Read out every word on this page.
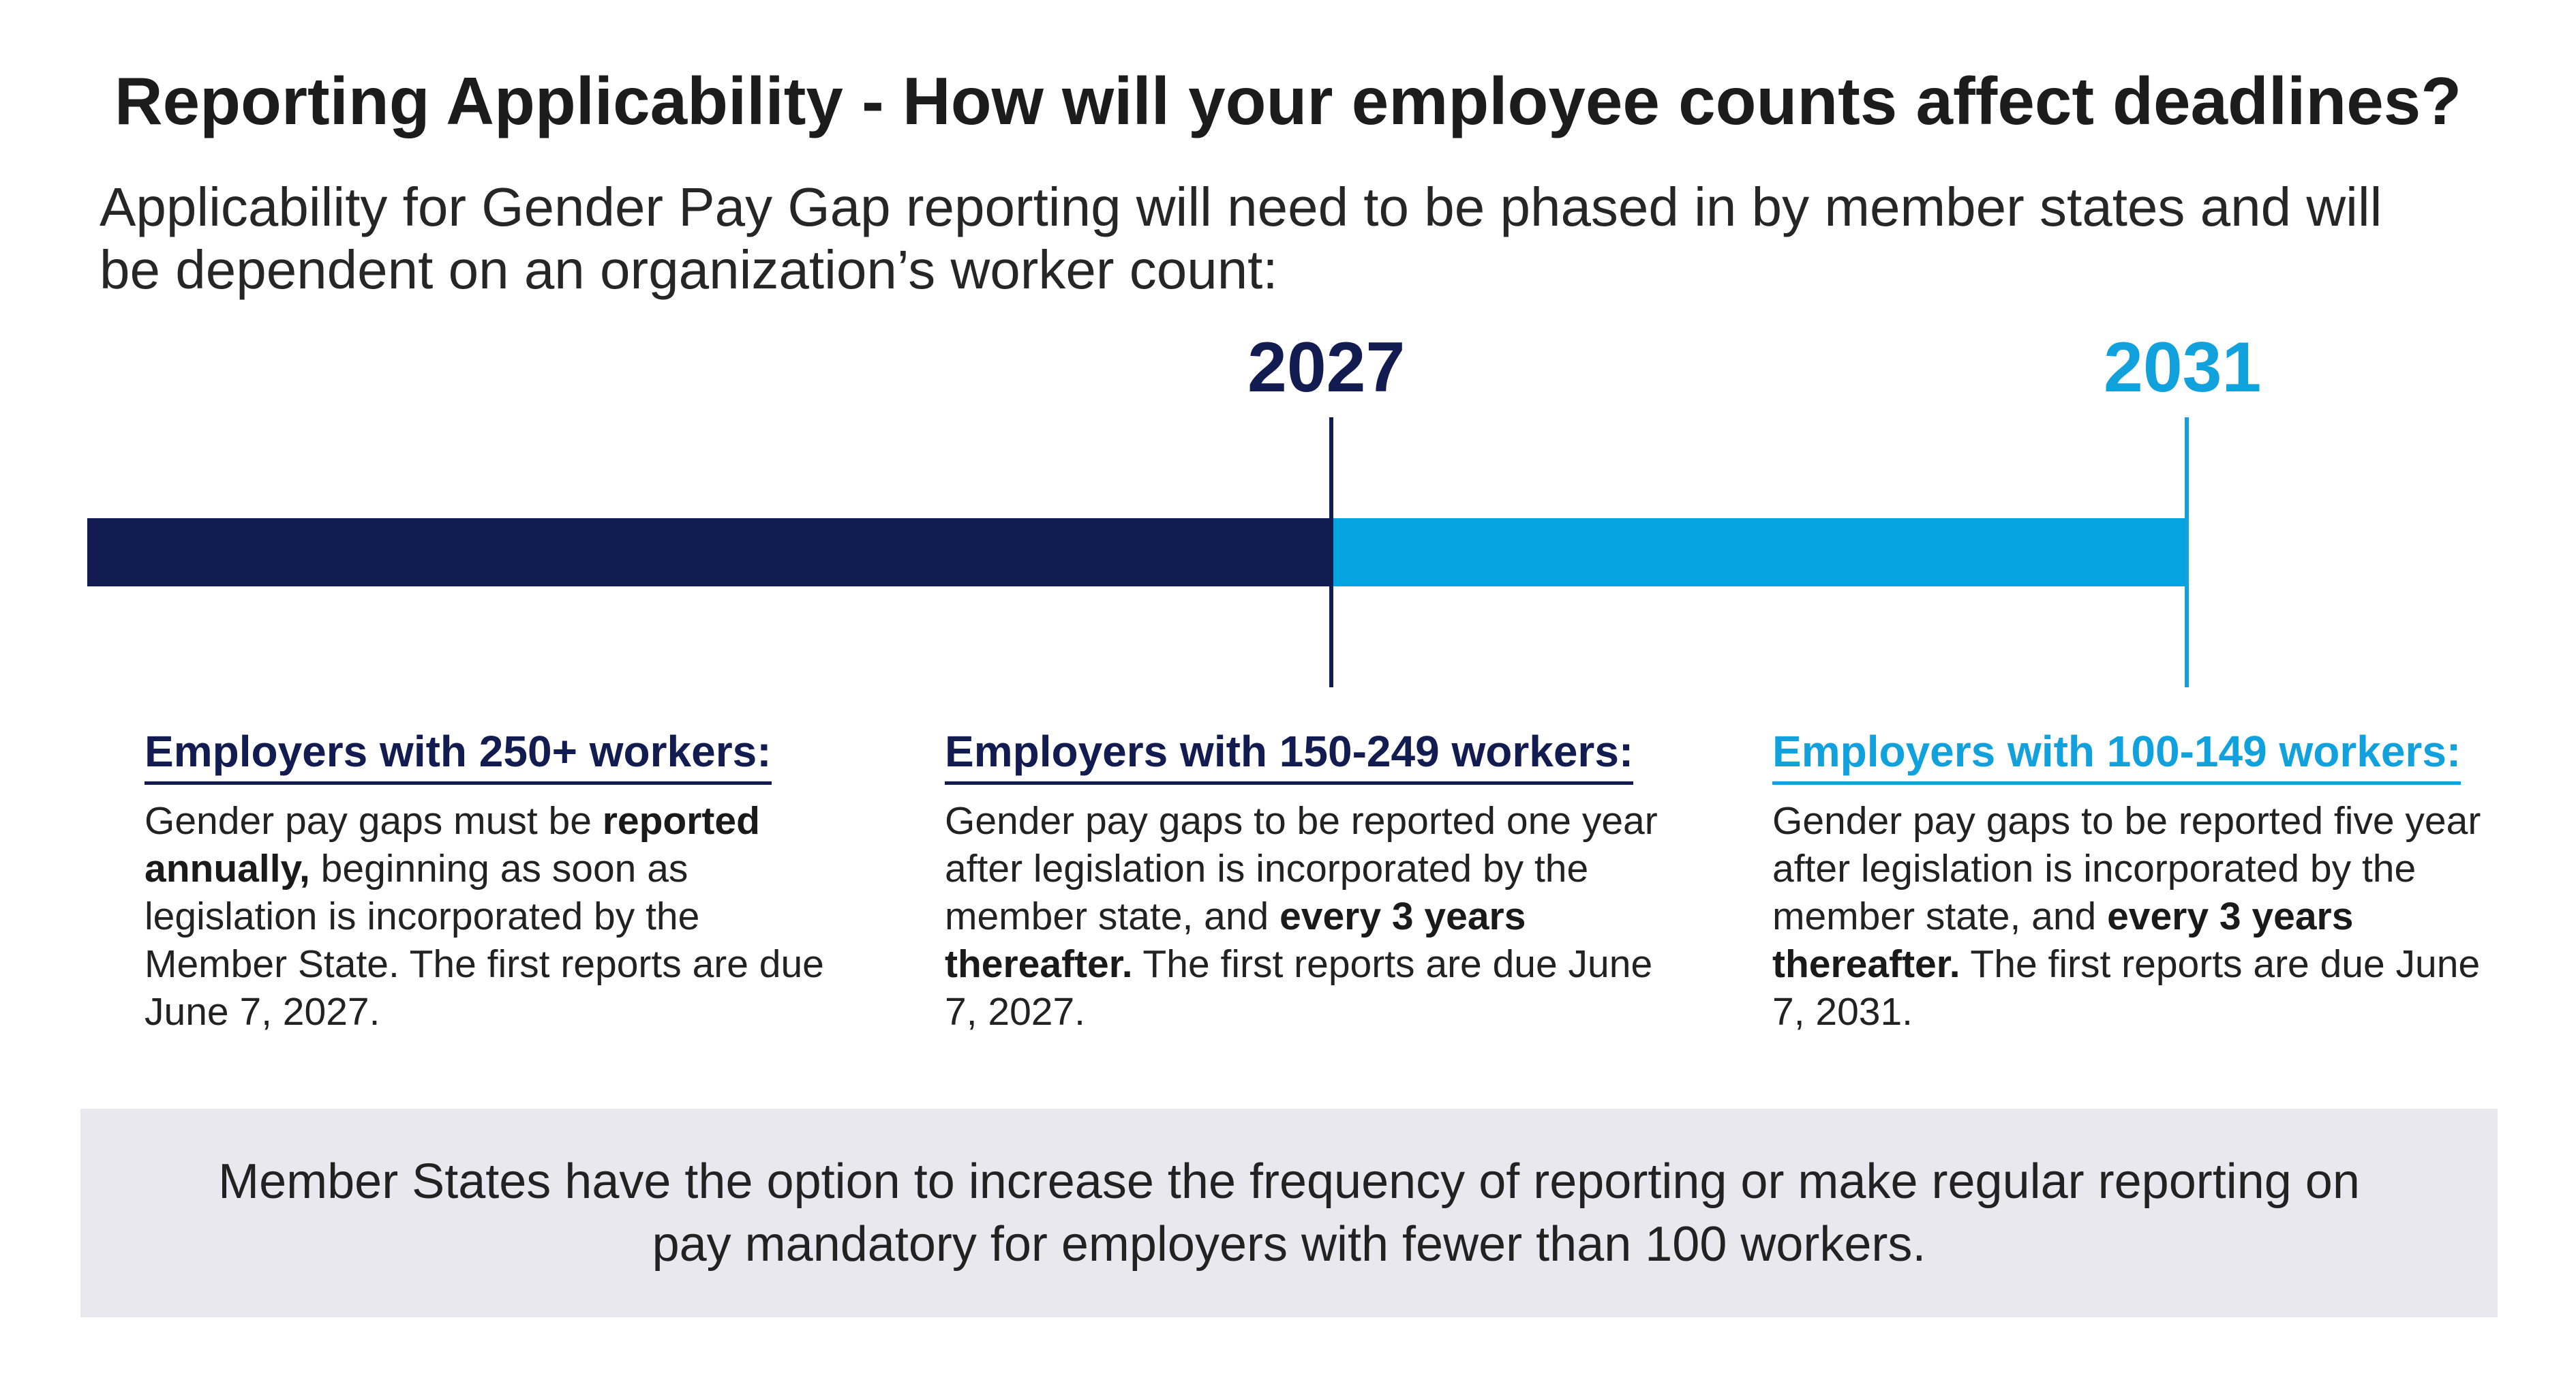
Reporting Applicability - How will your employee counts affect deadlines?
Applicability for Gender Pay Gap reporting will need to be phased in by member states and will be dependent on an organization’s worker count:
2027	2031
Employers with 250+ workers:
Gender pay gaps must be reported annually, beginning as soon as legislation is incorporated by the Member State. The first reports are due June 7, 2027.
Employers with 150-249 workers:
Gender pay gaps to be reported one year after legislation is incorporated by the member state, and every 3 years thereafter. The first reports are due June 7, 2027.
Employers with 100-149 workers:
Gender pay gaps to be reported five year after legislation is incorporated by the member state, and every 3 years thereafter. The first reports are due June 7, 2031.
Member States have the option to increase the frequency of reporting or make regular reporting on pay mandatory for employers with fewer than 100 workers.
